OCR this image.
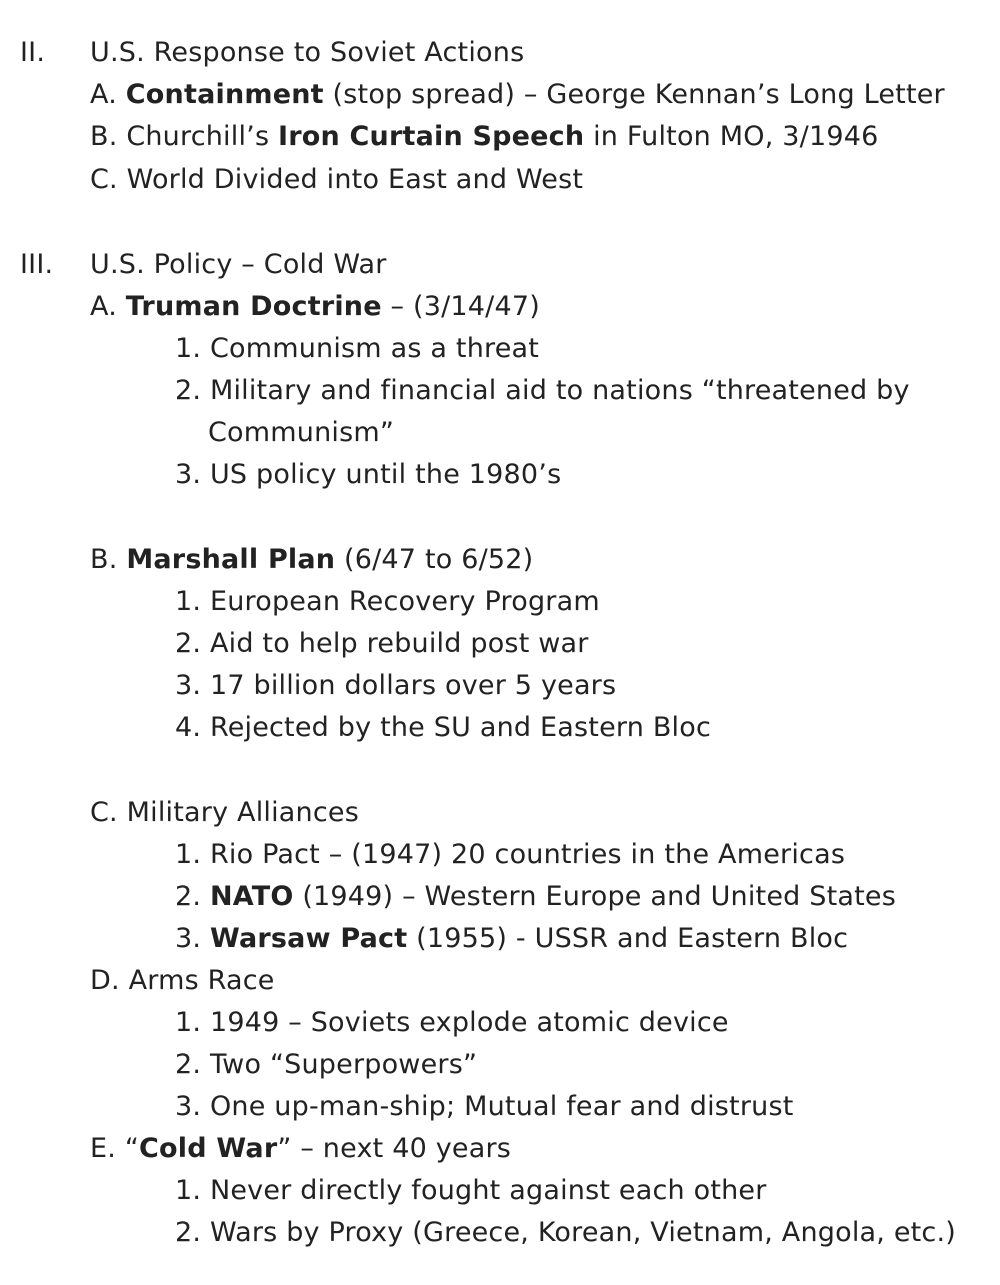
II. U.S. Response to Soviet Actions
A. Containment (stop spread) – George Kennan’s Long Letter
B. Churchill’s Iron Curtain Speech in Fulton MO, 3/1946
C. World Divided into East and West
III. U.S. Policy – Cold War
A. Truman Doctrine – (3/14/47)
1. Communism as a threat
2. Military and financial aid to nations “threatened by
Communism”
3. US policy until the 1980’s
B. Marshall Plan (6/47 to 6/52)
1. European Recovery Program
2. Aid to help rebuild post war
3. 17 billion dollars over 5 years
4. Rejected by the SU and Eastern Bloc
C. Military Alliances
1. Rio Pact – (1947) 20 countries in the Americas
2. NATO (1949) – Western Europe and United States
3. Warsaw Pact (1955) - USSR and Eastern Bloc
D. Arms Race
1. 1949 – Soviets explode atomic device
2. Two “Superpowers”
3. One up-man-ship; Mutual fear and distrust
E. “Cold War” – next 40 years
1. Never directly fought against each other
2. Wars by Proxy (Greece, Korean, Vietnam, Angola, etc.)
